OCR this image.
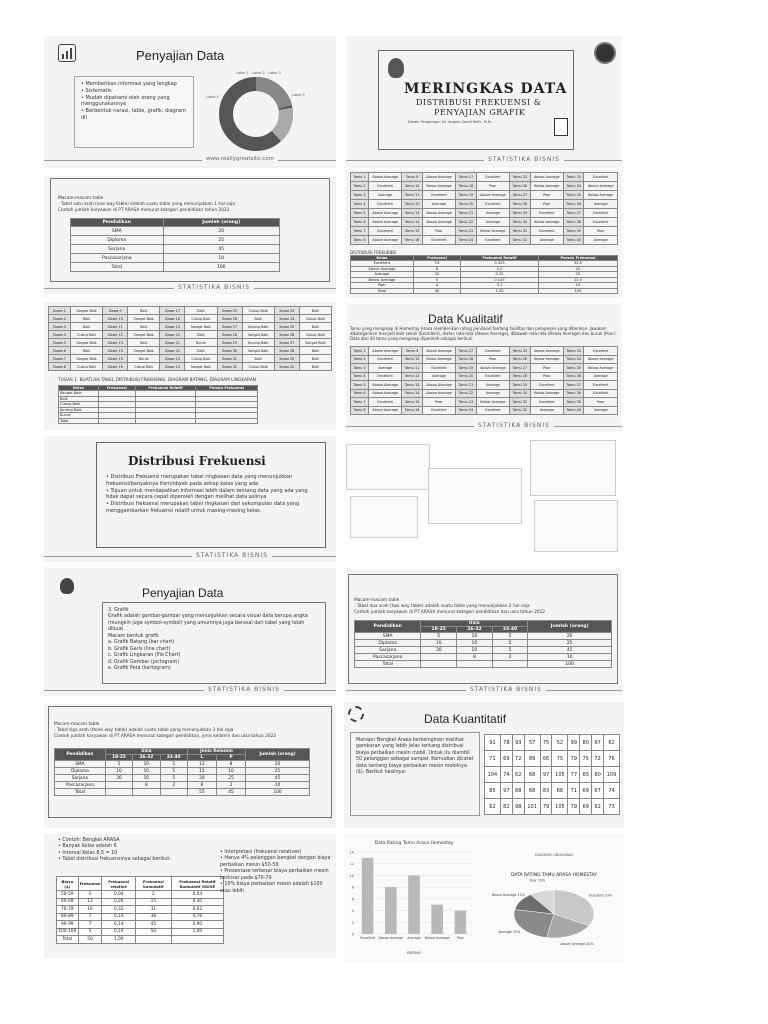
Penyajian Data
• Memberikan informasi yang lengkap
• Sistematis
• Mudah dipahami oleh orang yang menggunakannya
• Berbentuk narasi, table, grafik, diagram dll
Label 1 Label 2 Label 3
Label 4	Label 5
www.reallygreatsite.com
MERINGKAS DATA
DISTRIBUSI FREKUENSI &
PENYAJIAN GRAFIK
Dosen Pengampu: Dr. Angela Sandi Kelik, M.M.
STATISTIKA BISNIS
Macam-macam table
- Tabel satu arah (one way table) adalah suatu table yang menunjukkan 1 hal saja
Contoh jumlah karyawan di PT ARASA menurut kategori pendidikan tahun 2022
Pendidikan	Jumlah (orang)
SMA	20
Diploma	25
Sarjana	45
Pascasarjana	10
Total	100
STATISTIKA BISNIS
Tamu 1	Above Average	Tamu 9	Above Average	Tamu 17	Excellent	Tamu 25	Above Average	Tamu 33	Excellent
Tamu 2	Excellent	Tamu 10	Below Average	Tamu 18	Poor	Tamu 26	Below Average	Tamu 34	Above Average
Tamu 3	Average	Tamu 11	Excellent	Tamu 19	Above Average	Tamu 27	Poor	Tamu 35	Below Average
Tamu 4	Excellent	Tamu 12	Average	Tamu 20	Excellent	Tamu 28	Poor	Tamu 36	Average
Tamu 5	Above Average	Tamu 13	Above Average	Tamu 21	Average	Tamu 29	Excellent	Tamu 37	Excellent
Tamu 6	Above Average	Tamu 14	Above Average	Tamu 22	Average	Tamu 30	Below Average	Tamu 38	Excellent
Tamu 7	Excellent	Tamu 15	Poor	Tamu 23	Below Average	Tamu 31	Excellent	Tamu 39	Poor
Tamu 8	Above Average	Tamu 16	Excellent	Tamu 24	Excellent	Tamu 32	Average	Tamu 40	Average
DISTRIBUSI FREKUENSI
Kelas	Frekuensi	Frekuensi Relatif	Persen Frekuensi
Excellent	13	0.325	32.5
Above Average	8	0.2	20
Average	10	0.25	25
Below Average	5	0.125	12.5
Poor	4	0.1	10
Total	40	1.00	100
Siswa 1	Sangat Baik	Siswa 9	Baik	Siswa 17	Baik	Siswa 25	Cukup Baik	Siswa 33	Baik
Siswa 2	Baik	Siswa 10	Sangat Baik	Siswa 18	Cukup Baik	Siswa 26	Baik	Siswa 34	Cukup Baik
Siswa 3	Baik	Siswa 11	Baik	Siswa 19	Sangat Baik	Siswa 27	Kurang Baik	Siswa 35	Baik
Siswa 4	Cukup Baik	Siswa 12	Sangat Baik	Siswa 20	Baik	Siswa 28	Sangat Baik	Siswa 36	Cukup Baik
Siswa 5	Sangat Baik	Siswa 13	Baik	Siswa 21	Buruk	Siswa 29	Kurang Baik	Siswa 37	Sangat Baik
Siswa 6	Baik	Siswa 14	Sangat Baik	Siswa 22	Baik	Siswa 30	Sangat Baik	Siswa 38	Baik
Siswa 7	Sangat Baik	Siswa 15	Buruk	Siswa 23	Cukup Baik	Siswa 31	Baik	Siswa 39	Baik
Siswa 8	Cukup Baik	Siswa 16	Cukup Baik	Siswa 24	Sangat Baik	Siswa 32	Cukup Baik	Siswa 40	Baik
TUGAS 1. BUATLAH TABEL DISTRIBUSI FREKUENSI, DIAGRAM BATANG, DIAGRAM LINGKARAN
Kelas	Frekuensi	Frekuensi Relatif	Persen Frekuensi
Sangat Baik			
Baik			
Cukup Baik			
Kurang Baik			
Buruk			
Total			
Data Kualitatif
Tamu yang menginap di Homestay Arasa memberikan rating penilaian tentang fasilitas dan pelayanan yang diberikan. Jawaban dikategorikan menjadi baik sekali (Excellent), diatas rata-rata (Above Average), dibawah rata-rata (Below Average) dan buruk (Poor). Data dari 40 tamu yang menginap diperoleh sebagai berikut:
Tamu 1	Above Average	Tamu 9	Above Average	Tamu 17	Excellent	Tamu 25	Above Average	Tamu 33	Excellent
Tamu 2	Excellent	Tamu 10	Below Average	Tamu 18	Poor	Tamu 26	Below Average	Tamu 34	Above Average
Tamu 3	Average	Tamu 11	Excellent	Tamu 19	Above Average	Tamu 27	Poor	Tamu 35	Below Average
Tamu 4	Excellent	Tamu 12	Average	Tamu 20	Excellent	Tamu 28	Poor	Tamu 36	Average
Tamu 5	Above Average	Tamu 13	Above Average	Tamu 21	Average	Tamu 29	Excellent	Tamu 37	Excellent
Tamu 6	Above Average	Tamu 14	Above Average	Tamu 22	Average	Tamu 30	Below Average	Tamu 38	Excellent
Tamu 7	Excellent	Tamu 15	Poor	Tamu 23	Below Average	Tamu 31	Excellent	Tamu 39	Poor
Tamu 8	Above Average	Tamu 16	Excellent	Tamu 24	Excellent	Tamu 32	Average	Tamu 40	Average
STATISTIKA BISNIS
Distribusi Frekuensi
• Distribusi Frekuensi merupakan tabel ringkasan data yang menunjukkan frekuensi/banyaknya item/obyek pada setiap kelas yang ada
• Tujuan untuk mendapatkan informasi lebih dalam tentang data yang ada yang tidak dapat secara cepat diperoleh dengan melihat data aslinya
• Distribusi frekuensi merupakan tabel ringkasan dari sekumpulan data yang menggambarkan frekuensi relatif untuk masing-masing kelas.
STATISTIKA BISNIS
Penyajian Data
3. Grafik
Grafik adalah gambar-gambar yang menunjukkan secara visual data berupa angka (mungkin juga symbol-symbol) yang umumnya juga berasal dari tabel yang telah dibuat.
Macam bentuk grafik
a. Grafik Batang (bar chart)
b. Grafik Garis (line chart)
c. Grafik Lingkaran (Pie Chart)
d. Grafik Gambar (pictogram)
e. Grafik Peta (kartogram)
STATISTIKA BISNIS
Macam-macam table
- Tabel dua arah (two way table) adalah suatu table yang menunjukkan 2 hal saja
Contoh jumlah karyawan di PT ARASA menurut kategori pendidikan dan usia tahun 2022
Pendidikan	Usia			Jumlah (orang)
	18-25	26-32	33-40	
SMA	5	10	5	20
Diploma	10	10	5	25
Sarjana	30	10	5	45
Pascasarjana		8	2	10
Total				100
STATISTIKA BISNIS
Macam-macam table
- Tabel tiga arah (three way table) adalah suatu table yang menunjukkan 3 hal saja
Contoh jumlah karyawan di PT ARASA menurut kategori pendidikan, jenis kelamin dan usia tahun 2022
Pendidikan	Usia			Jenis Kelamin		Jumlah (orang)
	18-25	26-32	33-40	L	P	
SMA	5	10	5	12	8	20
Diploma	10	10	5	15	10	25
Sarjana	30	10	5	20	25	45
Pascasarjana		8	2	8	2	10
Total				55	45	100
Data Kuantitatif
Manajer Bengkel Arasa berkeinginan melihat gambaran yang lebih jelas tentang distribusi biaya perbaikan mesin mobil. Untuk itu diambil 50 pelanggan sebagai sampel. Kemudian dicatat data tentang biaya perbaikan mesin mobilnya ($). Berikut hasilnya:
91	78	93	57	75	52	99	80	97	62
71	69	72	89	66	75	79	75	72	76
104	74	62	68	97	105	77	65	80	109
85	97	88	68	83	68	71	69	67	74
62	82	98	101	79	105	79	69	62	73
• Contoh: Bengkel ARASA
• Banyak Kelas adalah 6
• Interval Kelas 8,5 = 10
• Tabel distribusi frekuensinya sebagai berikut:
Biaya ($)	Frekuensi	Frekuensi relative	Frekuensi kumulatif	Frekuensi Relatif Kumulatif OGIVE
50-59	2	0,04	2	0,04
60-69	13	0,26	15	0,30
70-79	16	0,32	31	0,62
80-89	7	0,14	38	0,76
90-99	7	0,14	45	0,90
100-109	5	0,10	50	1,00
Total	50	1,00		
• Interpretasi (frekuensi relatives)
• Hanya 4% pelanggan bengkel dengan biaya perbaikan mesin $50-59
• Presentase terbesar biaya perbaikan mesin berkisar pada $70-79
• 10% biaya perbaikan mesin adalah $100 atau lebih
Data Rating Tamu Arasa Homestay
0
2
4
6
8
10
12
14
Excellent Above Average Average Below Average Poor
RATING
DIAGRAM LINGKARAN
DATA RATING TAMU ARASA HOMESTAY
Excellent 33%
Above Average 20%
Average 25%
Below Average 12%
Poor 10%
